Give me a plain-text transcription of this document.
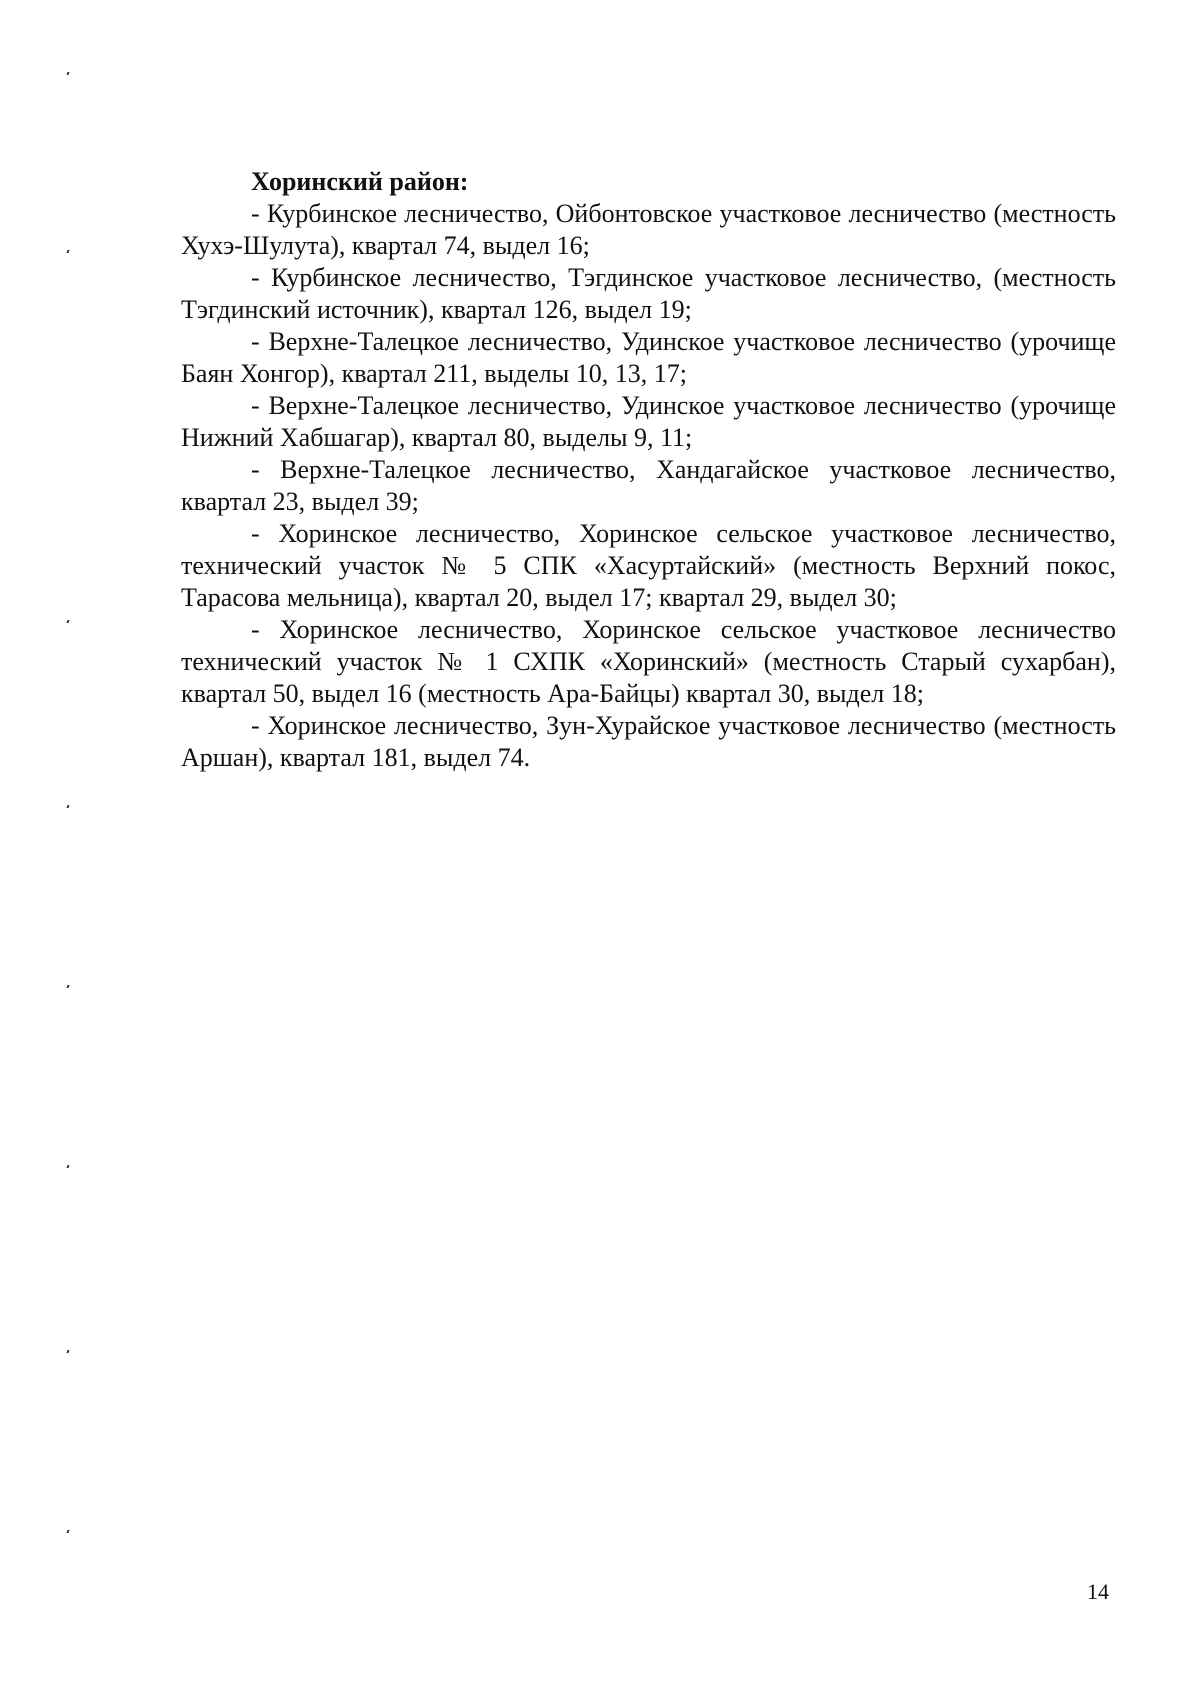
Хоринский район:

- Курбинское лесничество, Ойбонтовское участковое лесничество (местность Хухэ-Шулута), квартал 74, выдел 16;

- Курбинское лесничество, Тэгдинское участковое лесничество, (местность Тэгдинский источник), квартал 126, выдел 19;

- Верхне-Талецкое лесничество, Удинское участковое лесничество (урочище Баян Хонгор), квартал 211, выделы 10, 13, 17;

- Верхне-Талецкое лесничество, Удинское участковое лесничество (урочище Нижний Хабшагар), квартал 80, выделы 9, 11;

- Верхне-Талецкое лесничество, Хандагайское участковое лесничество, квартал 23, выдел 39;

- Хоринское лесничество, Хоринское сельское участковое лесничество, технический участок № 5 СПК «Хасуртайский» (местность Верхний покос, Тарасова мельница), квартал 20, выдел 17; квартал 29, выдел 30;

- Хоринское лесничество, Хоринское сельское участковое лесничество технический участок № 1 СХПК «Хоринский» (местность Старый сухарбан), квартал 50, выдел 16 (местность Ара-Байцы) квартал 30, выдел 18;

- Хоринское лесничество, Зун-Хурайское участковое лесничество (местность Аршан), квартал 181, выдел 74.

14
